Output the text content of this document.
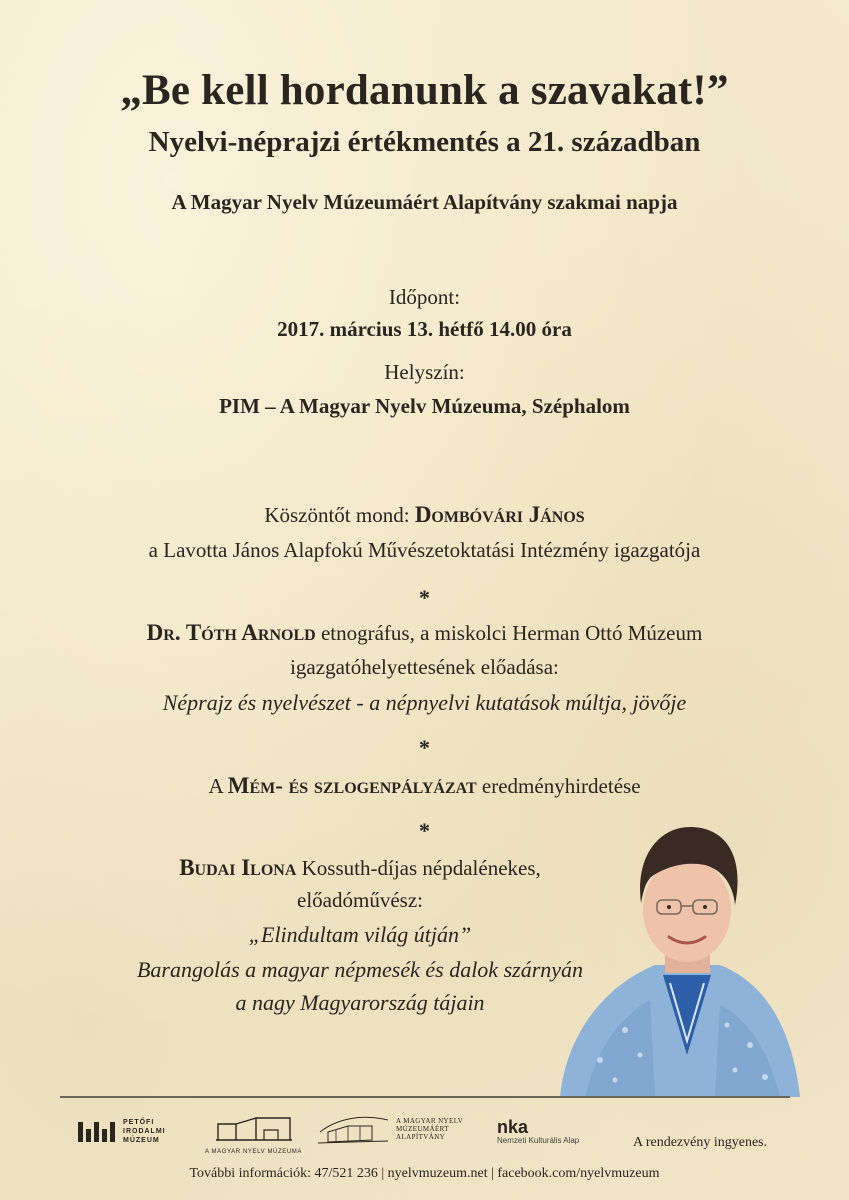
„Be kell hordanunk a szavakat!”
Nyelvi-néprajzi értékmentés a 21. században
A Magyar Nyelv Múzeumáért Alapítvány szakmai napja
Időpont:
2017. március 13. hétfő 14.00 óra
Helyszín:
PIM – A Magyar Nyelv Múzeuma, Széphalom
Köszöntőt mond: Dombóvári János
a Lavotta János Alapfokú Művészetoktatási Intézmény igazgatója
*
Dr. Tóth Arnold etnográfus, a miskolci Herman Ottó Múzeum
igazgatóhelyettesének előadása:
Néprajz és nyelvészet - a népnyelvi kutatások múltja, jövője
*
A Mém- és szlogenpályázat eredményhirdetése
*
Budai Ilona Kossuth-díjas népdalénekes,
előadóművész:
„Elindultam világ útján”
Barangolás a magyar népmesék és dalok szárnyán
a nagy Magyarország tájain
PETŐFI
IRODALMI
MÚZEUM
A MAGYAR NYELV MÚZEUMA
A MAGYAR NYELV
MÚZEUMÁÉRT
ALAPÍTVÁNY	nka
Nemzeti Kulturális Alap	A rendezvény ingyenes.
További információk: 47/521 236 | nyelvmuzeum.net | facebook.com/nyelvmuzeum
